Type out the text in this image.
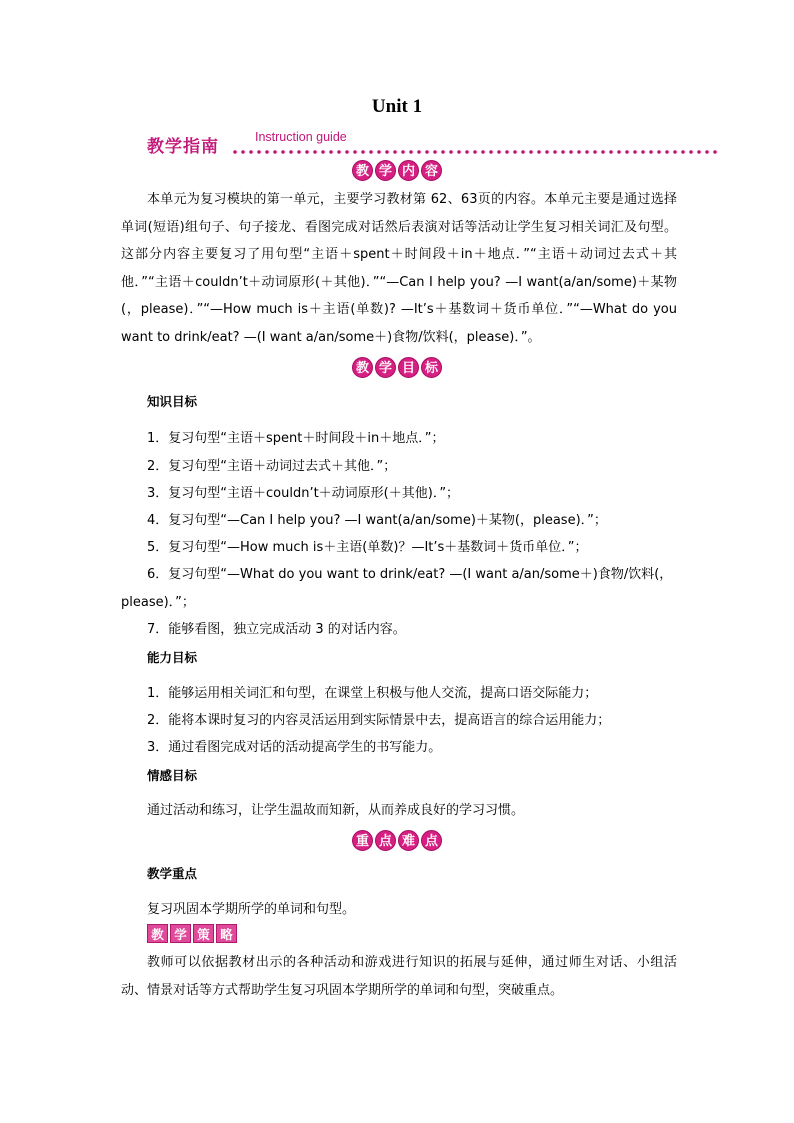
Unit 1
教学指南	Instruction guide
教 学 内 容

本单元为复习模块的第一单元，主要学习教材第 62、63页的内容。本单元主要是通过选择单词(短语)组句子、句子接龙、看图完成对话然后表演对话等活动让学生复习相关词汇及句型。这部分内容主要复习了用句型“主语＋spent＋时间段＋in＋地点．”“主语＋动词过去式＋其他．”“主语＋couldn’t＋动词原形(＋其他)．”“—Can I help you? —I want(a/an/some)＋某物(，please)．”“—How much is＋主语(单数)? —It’s＋基数词＋货币单位．”“—What do you want to drink/eat? —(I want a/an/some＋)食物/饮料(，please)．”。

教 学 目 标
知识目标
1．复习句型“主语＋spent＋时间段＋in＋地点．”；
2．复习句型“主语＋动词过去式＋其他．”；
3．复习句型“主语＋couldn’t＋动词原形(＋其他)．”；
4．复习句型“—Can I help you? —I want(a/an/some)＋某物(，please)．”；
5．复习句型“—How much is＋主语(单数)？—It’s＋基数词＋货币单位．”；
6．复习句型“—What do you want to drink/eat? —(I want a/an/some＋)食物/饮料(，
please)．”；
7．能够看图，独立完成活动 3 的对话内容。
能力目标
1．能够运用相关词汇和句型，在课堂上积极与他人交流，提高口语交际能力；
2．能将本课时复习的内容灵活运用到实际情景中去，提高语言的综合运用能力；
3．通过看图完成对话的活动提高学生的书写能力。
情感目标
通过活动和练习，让学生温故而知新，从而养成良好的学习习惯。
重 点 难 点
教学重点
复习巩固本学期所学的单词和句型。
教 学 策 略

教师可以依据教材出示的各种活动和游戏进行知识的拓展与延伸，通过师生对话、小组活动、情景对话等方式帮助学生复习巩固本学期所学的单词和句型，突破重点。
